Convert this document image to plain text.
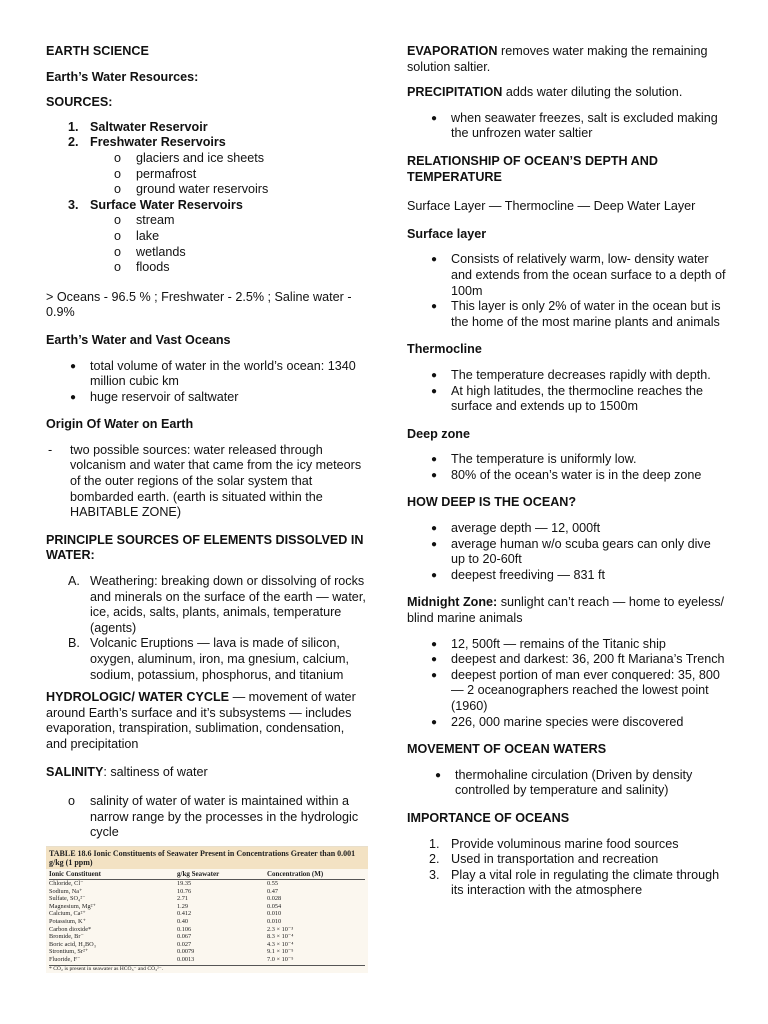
EARTH SCIENCE

Earth’s Water Resources:

SOURCES:

1. Saltwater Reservoir
2. Freshwater Reservoirs
o glaciers and ice sheets
o permafrost
o ground water reservoirs
3. Surface Water Reservoirs
o stream
o lake
o wetlands
o floods

> Oceans - 96.5 % ; Freshwater - 2.5% ; Saline water - 0.9%

Earth’s Water and Vast Oceans

● total volume of water in the world’s ocean: 1340 million cubic km
● huge reservoir of saltwater

Origin Of Water on Earth

- two possible sources: water released through volcanism and water that came from the icy meteors of the outer regions of the solar system that bombarded earth. (earth is situated within the HABITABLE ZONE)

PRINCIPLE SOURCES OF ELEMENTS DISSOLVED IN WATER:

A. Weathering: breaking down or dissolving of rocks and minerals on the surface of the earth — water, ice, acids, salts, plants, animals, temperature (agents)
B. Volcanic Eruptions — lava is made of silicon, oxygen, aluminum, iron, ma gnesium, calcium, sodium, potassium, phosphorus, and titanium

HYDROLOGIC/ WATER CYCLE — movement of water around Earth’s surface and it’s subsystems — includes evaporation, transpiration, sublimation, condensation, and precipitation

SALINITY: saltiness of water

o salinity of water of water is maintained within a narrow range by the processes in the hydrologic cycle
TABLE 18.6 Ionic Constituents of Seawater Present in Concentrations Greater than 0.001 g/kg (1 ppm)
Ionic Constituent	g/kg Seawater	Concentration (M)
Chloride, Cl⁻	19.35	0.55
Sodium, Na⁺	10.76	0.47
Sulfate, SO₄²⁻	2.71	0.028
Magnesium, Mg²⁺	1.29	0.054
Calcium, Ca²⁺	0.412	0.010
Potassium, K⁺	0.40	0.010
Carbon dioxide*	0.106	2.3 × 10⁻³
Bromide, Br⁻	0.067	8.3 × 10⁻⁴
Boric acid, H₃BO₃	0.027	4.3 × 10⁻⁴
Strontium, Sr²⁺	0.0079	9.1 × 10⁻⁵
Fluoride, F⁻	0.0013	7.0 × 10⁻⁵
* CO₂ is present in seawater as HCO₃⁻ and CO₃²⁻.

EVAPORATION removes water making the remaining solution saltier.

PRECIPITATION adds water diluting the solution.

● when seawater freezes, salt is excluded making the unfrozen water saltier

RELATIONSHIP OF OCEAN’S DEPTH AND TEMPERATURE

Surface Layer — Thermocline — Deep Water Layer

Surface layer

● Consists of relatively warm, low- density water and extends from the ocean surface to a depth of 100m
● This layer is only 2% of water in the ocean but is the home of the most marine plants and animals

Thermocline

● The temperature decreases rapidly with depth.
● At high latitudes, the thermocline reaches the surface and extends up to 1500m

Deep zone

● The temperature is uniformly low.
● 80% of the ocean’s water is in the deep zone

HOW DEEP IS THE OCEAN?

● average depth — 12, 000ft
● average human w/o scuba gears can only dive up to 20-60ft
● deepest freediving — 831 ft

Midnight Zone: sunlight can’t reach — home to eyeless/ blind marine animals

● 12, 500ft — remains of the Titanic ship
● deepest and darkest: 36, 200 ft Mariana’s Trench
● deepest portion of man ever conquered: 35, 800 — 2 oceanographers reached the lowest point (1960)
● 226, 000 marine species were discovered

MOVEMENT OF OCEAN WATERS

● thermohaline circulation (Driven by density controlled by temperature and salinity)

IMPORTANCE OF OCEANS

1. Provide voluminous marine food sources
2. Used in transportation and recreation
3. Play a vital role in regulating the climate through its interaction with the atmosphere
